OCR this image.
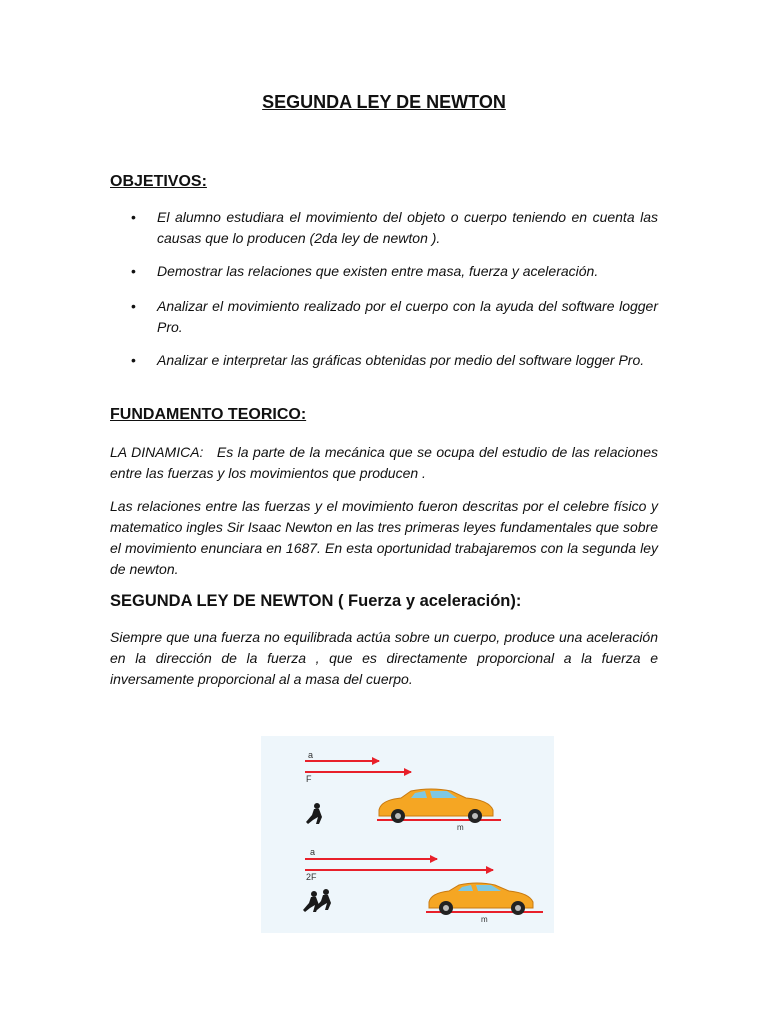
SEGUNDA LEY DE NEWTON
OBJETIVOS:
• El alumno estudiara el movimiento del objeto o cuerpo teniendo en cuenta las causas que lo producen (2da ley de newton ).
• Demostrar las relaciones que existen entre masa, fuerza y aceleración.
• Analizar el movimiento realizado por el cuerpo con la ayuda del software logger Pro.
• Analizar e interpretar las gráficas obtenidas por medio del software logger Pro.
FUNDAMENTO TEORICO:
LA DINAMICA:   Es la parte de la mecánica que se ocupa del estudio de las relaciones entre las fuerzas y los movimientos que producen .
Las relaciones entre las fuerzas y el movimiento fueron descritas por el celebre físico y matematico ingles Sir Isaac Newton en las tres primeras leyes fundamentales que sobre el movimiento enunciara en 1687. En esta oportunidad trabajaremos con la segunda ley de newton.
SEGUNDA LEY DE NEWTON ( Fuerza y aceleración):
Siempre que una fuerza no equilibrada actúa sobre un cuerpo, produce una aceleración en la dirección de la fuerza , que es directamente proporcional a la fuerza e inversamente proporcional al a masa del cuerpo.
a
F
m
a
2F
m
